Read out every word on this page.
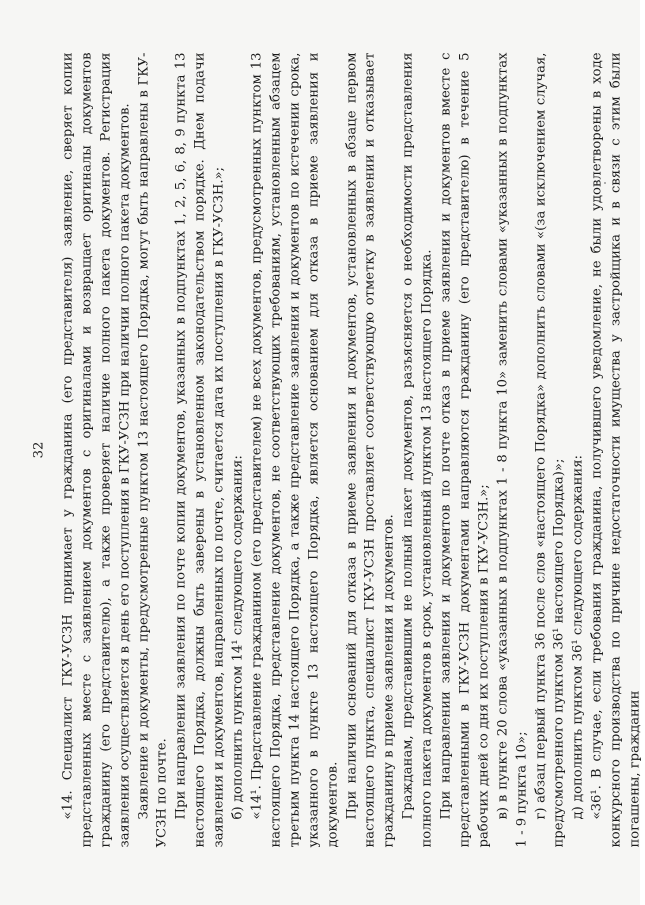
32 «14. Специалист ГКУ-УСЗН принимает у гражданина (его представителя) заявление, сверяет копии представленных вместе с заявлением документов с оригиналами и возвращает оригиналы документов гражданину (его представителю), а также проверяет наличие полного пакета документов. Регистрация заявления осуществляется в день его поступления в ГКУ-УСЗН при наличии полного пакета документов. Заявление и документы, предусмотренные пунктом 13 настоящего Порядка, могут быть направлены в ГКУ-УСЗН по почте. При направлении заявления по почте копии документов, указанных в подпунктах 1, 2, 5, 6, 8, 9 пункта 13 настоящего Порядка, должны быть заверены в установленном законодательством порядке. Днем подачи заявления и документов, направленных по почте, считается дата их поступления в ГКУ-УСЗН.»; б) дополнить пунктом 14¹ следующего содержания: «14¹. Представление гражданином (его представителем) не всех документов, предусмотренных пунктом 13 настоящего Порядка, представление документов, не соответствующих требованиям, установленным абзацем третьим пункта 14 настоящего Порядка, а также представление заявления и документов по истечении срока, указанного в пункте 13 настоящего Порядка, является основанием для отказа в приеме заявления и документов. При наличии оснований для отказа в приеме заявления и документов, установленных в абзаце первом настоящего пункта, специалист ГКУ-УСЗН проставляет соответствующую отметку в заявлении и отказывает гражданину в приеме заявления и документов. Гражданам, представившим не полный пакет документов, разъясняется о необходимости представления полного пакета документов в срок, установленный пунктом 13 настоящего Порядка. При направлении заявления и документов по почте отказ в приеме заявления и документов вместе с представленными в ГКУ-УСЗН документами направляются гражданину (его представителю) в течение 5 рабочих дней со дня их поступления в ГКУ-УСЗН.»; в) в пункте 20 слова «указанных в подпунктах 1 - 8 пункта 10» заменить словами «указанных в подпунктах 1 - 9 пункта 10»; г) абзац первый пункта 36 после слов «настоящего Порядка» дополнить словами «(за исключением случая, предусмотренного пунктом 36¹ настоящего Порядка)»; д) дополнить пунктом 36¹ следующего содержания: «36¹. В случае, если требования гражданина, получившего уведомление, не были удовлетворены в ходе конкурсного производства по причине недостаточности имущества у застройщика и в связи с этим были погашены, гражданин
